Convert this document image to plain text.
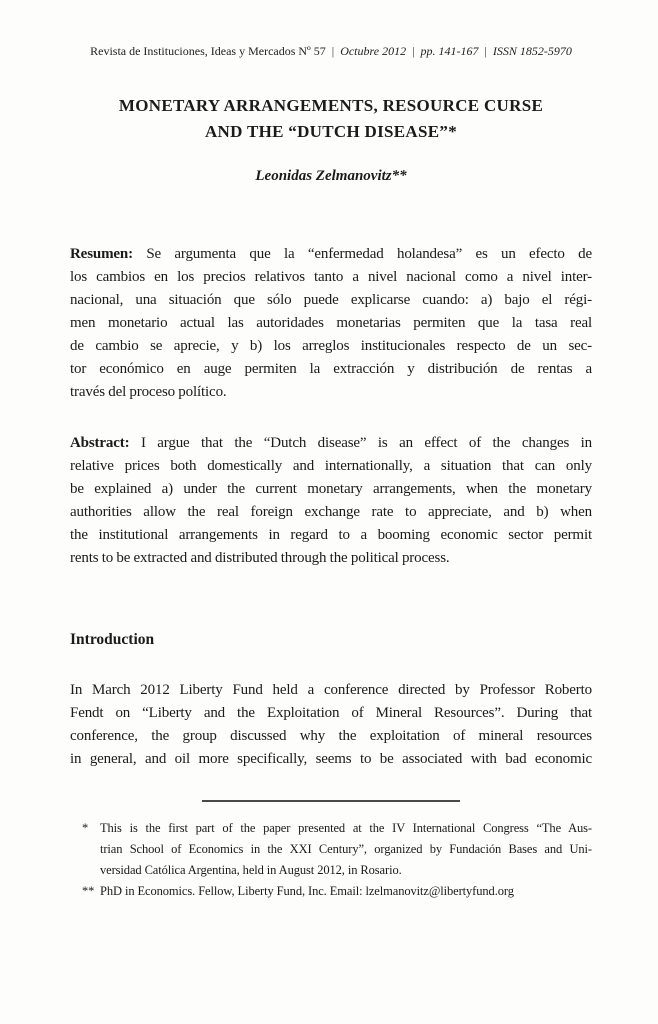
Revista de Instituciones, Ideas y Mercados Nº 57 | Octubre 2012 | pp. 141-167 | ISSN 1852-5970
MONETARY ARRANGEMENTS, RESOURCE CURSE
AND THE “DUTCH DISEASE”*
Leonidas Zelmanovitz**
Resumen: Se argumenta que la “enfermedad holandesa” es un efecto de
los cambios en los precios relativos tanto a nivel nacional como a nivel inter-
nacional, una situación que sólo puede explicarse cuando: a) bajo el régi-
men monetario actual las autoridades monetarias permiten que la tasa real
de cambio se aprecie, y b) los arreglos institucionales respecto de un sec-
tor económico en auge permiten la extracción y distribución de rentas a
través del proceso político.
Abstract: I argue that the “Dutch disease” is an effect of the changes in
relative prices both domestically and internationally, a situation that can only
be explained a) under the current monetary arrangements, when the monetary
authorities allow the real foreign exchange rate to appreciate, and b) when
the institutional arrangements in regard to a booming economic sector permit
rents to be extracted and distributed through the political process.
Introduction
In March 2012 Liberty Fund held a conference directed by Professor Roberto
Fendt on “Liberty and the Exploitation of Mineral Resources”. During that
conference, the group discussed why the exploitation of mineral resources
in general, and oil more specifically, seems to be associated with bad economic
* This is the first part of the paper presented at the IV International Congress “The Aus-
trian School of Economics in the XXI Century”, organized by Fundación Bases and Uni-
versidad Católica Argentina, held in August 2012, in Rosario.
** PhD in Economics. Fellow, Liberty Fund, Inc. Email: lzelmanovitz@libertyfund.org
